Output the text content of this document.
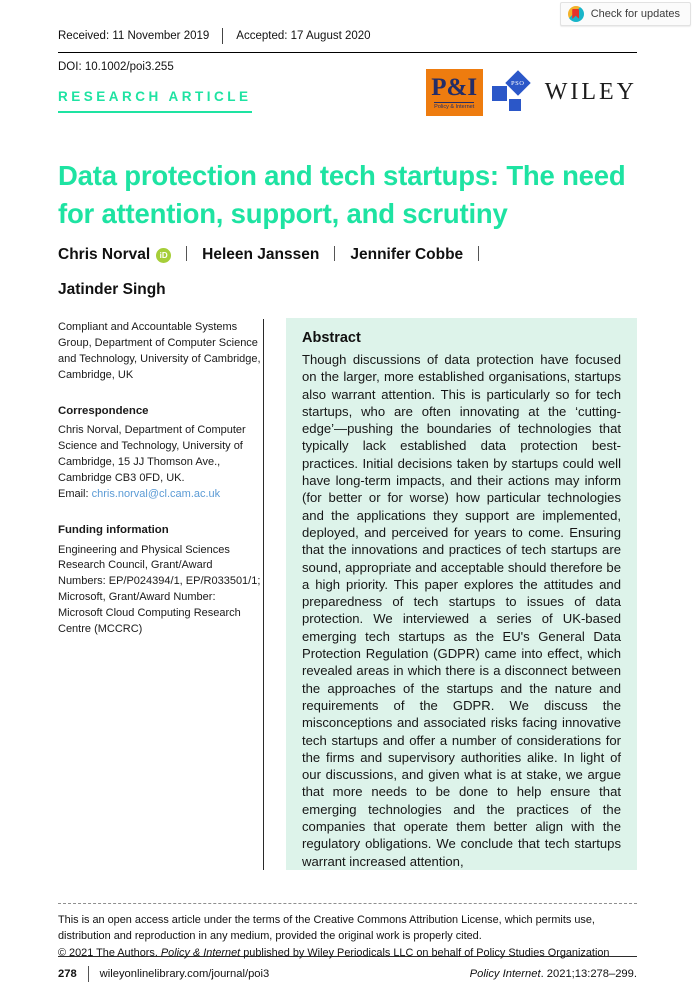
Check for updates
Received: 11 November 2019 Accepted: 17 August 2020
DOI: 10.1002/poi3.255
RESEARCH ARTICLE	P&I
Policy & Internet
PSO WILEY
Data protection and tech startups: The need
for attention, support, and scrutiny
Chris Norval iD Heleen Janssen Jennifer Cobbe
Jatinder Singh

Compliant and Accountable Systems Group, Department of Computer Science and Technology, University of Cambridge, Cambridge, UK

Correspondence

Chris Norval, Department of Computer Science and Technology, University of Cambridge, 15 JJ Thomson Ave., Cambridge CB3 0FD, UK.

Email: chris.norval@cl.cam.ac.uk

Funding information

Engineering and Physical Sciences Research Council, Grant/Award Numbers: EP/P024394/1, EP/R033501/1; Microsoft, Grant/Award Number: Microsoft Cloud Computing Research Centre (MCCRC)

Abstract

Though discussions of data protection have focused on the larger, more established organisations, startups also warrant attention. This is particularly so for tech startups, who are often innovating at the ‘cutting-edge’—pushing the boundaries of technologies that typically lack established data protection best-practices. Initial decisions taken by startups could well have long-term impacts, and their actions may inform (for better or for worse) how particular technologies and the applications they support are implemented, deployed, and perceived for years to come. Ensuring that the innovations and practices of tech startups are sound, appropriate and acceptable should therefore be a high priority. This paper explores the attitudes and preparedness of tech startups to issues of data protection. We interviewed a series of UK-based emerging tech startups as the EU's General Data Protection Regulation (GDPR) came into effect, which revealed areas in which there is a disconnect between the approaches of the startups and the nature and requirements of the GDPR. We discuss the misconceptions and associated risks facing innovative tech startups and offer a number of considerations for the firms and supervisory authorities alike. In light of our discussions, and given what is at stake, we argue that more needs to be done to help ensure that emerging technologies and the practices of the companies that operate them better align with the regulatory obligations. We conclude that tech startups warrant increased attention,

This is an open access article under the terms of the Creative Commons Attribution License, which permits use, distribution and reproduction in any medium, provided the original work is properly cited.

© 2021 The Authors. Policy & Internet published by Wiley Periodicals LLC on behalf of Policy Studies Organization

278 wileyonlinelibrary.com/journal/poi3	Policy Internet. 2021;13:278–299.
